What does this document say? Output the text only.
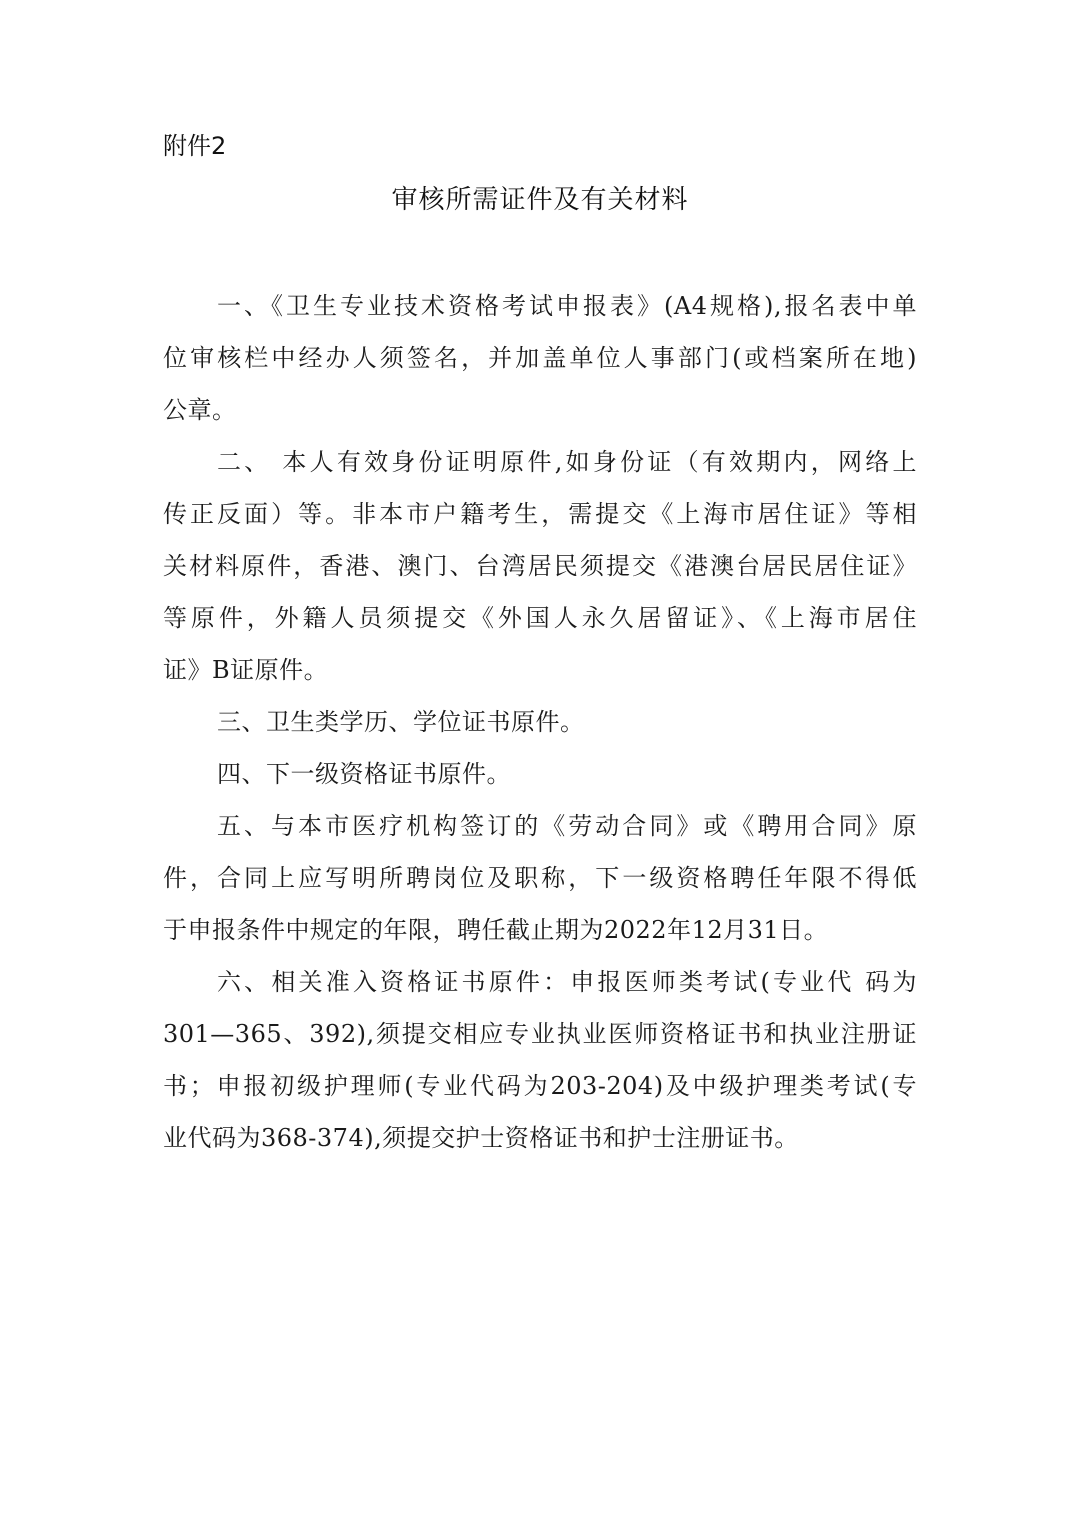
附件2
审核所需证件及有关材料
一、《卫生专业技术资格考试申报表》(A4规格),报名表中单
位审核栏中经办人须签名，并加盖单位人事部门(或档案所在地)
公章。
二、 本人有效身份证明原件,如身份证（有效期内，网络上
传正反面）等。非本市户籍考生，需提交《上海市居住证》等相
关材料原件，香港、澳门、台湾居民须提交《港澳台居民居住证》
等原件，外籍人员须提交《外国人永久居留证》、《上海市居住
证》B证原件。
三、卫生类学历、学位证书原件。
四、下一级资格证书原件。
五、与本市医疗机构签订的《劳动合同》或《聘用合同》原
件，合同上应写明所聘岗位及职称，下一级资格聘任年限不得低
于申报条件中规定的年限，聘任截止期为2022年12月31日。
六、相关准入资格证书原件：申报医师类考试(专业代 码为
301—365、392),须提交相应专业执业医师资格证书和执业注册证
书；申报初级护理师(专业代码为203-204)及中级护理类考试(专
业代码为368-374),须提交护士资格证书和护士注册证书。
